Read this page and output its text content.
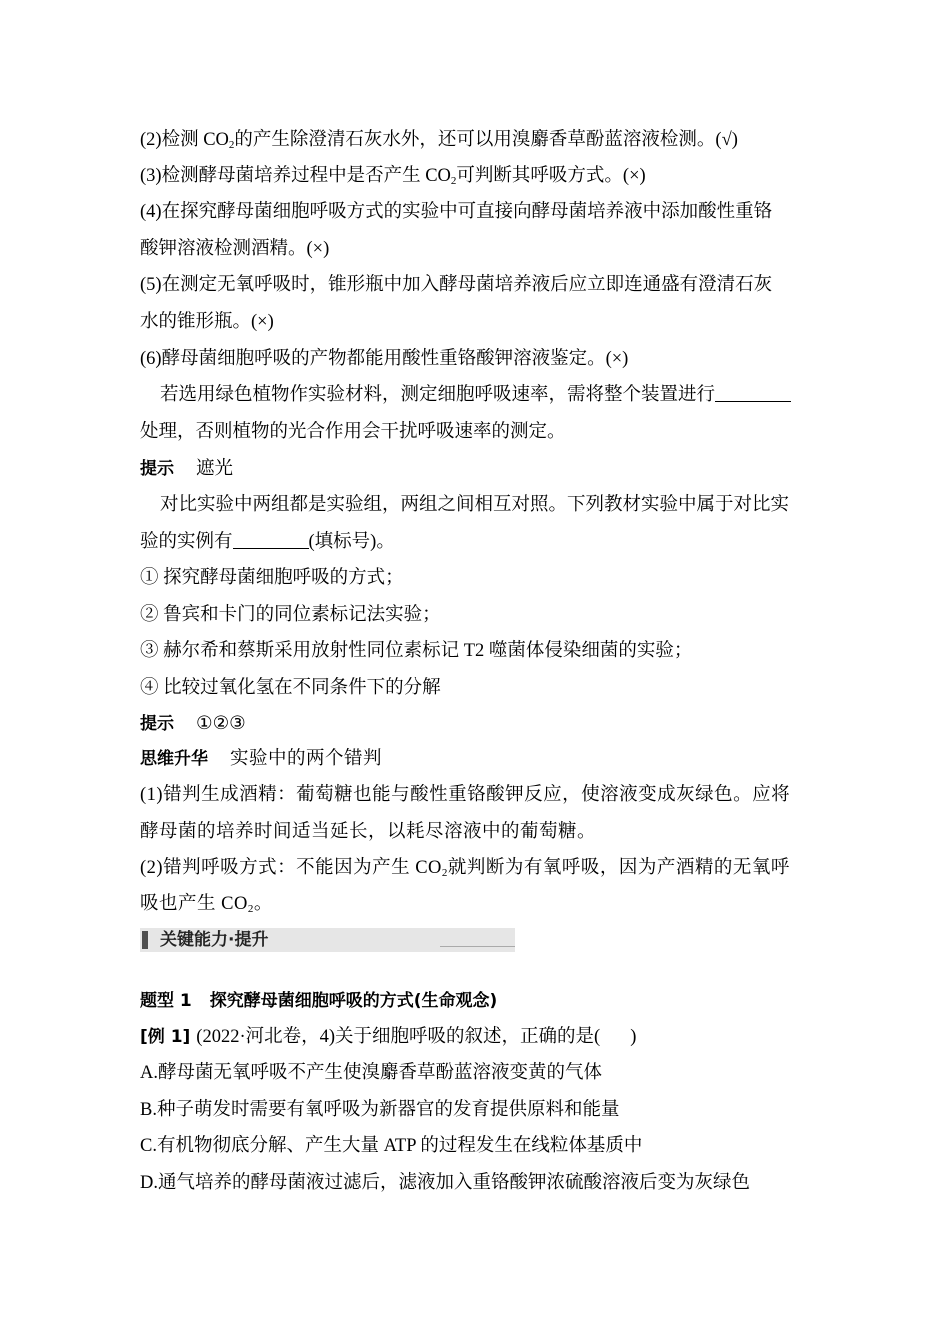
(2)检测 $CO_2$的产生除澄清石灰水外，还可以用溴麝香草酚蓝溶液检测。(√)
(3)检测酵母菌培养过程中是否产生 $CO_2$可判断其呼吸方式。(×)
(4)在探究酵母菌细胞呼吸方式的实验中可直接向酵母菌培养液中添加酸性重铬
酸钾溶液检测酒精。(×)
(5)在测定无氧呼吸时，锥形瓶中加入酵母菌培养液后应立即连通盛有澄清石灰
水的锥形瓶。(×)
(6)酵母菌细胞呼吸的产物都能用酸性重铬酸钾溶液鉴定。(×)
若选用绿色植物作实验材料，测定细胞呼吸速率，需将整个装置进行
处理，否则植物的光合作用会干扰呼吸速率的测定。
提示 遮光
对比实验中两组都是实验组，两组之间相互对照。下列教材实验中属于对比实
验的实例有	(填标号)。
① 探究酵母菌细胞呼吸的方式；
② 鲁宾和卡门的同位素标记法实验；
③ 赫尔希和蔡斯采用放射性同位素标记 T2 噬菌体侵染细菌的实验；
④ 比较过氧化氢在不同条件下的分解
提示 ①②③
思维升华 实验中的两个错判
(1)错判生成酒精：葡萄糖也能与酸性重铬酸钾反应，使溶液变成灰绿色。应将
酵母菌的培养时间适当延长，以耗尽溶液中的葡萄糖。
(2)错判呼吸方式：不能因为产生 $CO_2$就判断为有氧呼吸，因为产酒精的无氧呼
吸也产生 $CO_2$。
关键能力·提升
题型 1 探究酵母菌细胞呼吸的方式(生命观念)
[例 1] (2022·河北卷，4)关于细胞呼吸的叙述，正确的是( )
A.酵母菌无氧呼吸不产生使溴麝香草酚蓝溶液变黄的气体
B.种子萌发时需要有氧呼吸为新器官的发育提供原料和能量
C.有机物彻底分解、产生大量 ATP 的过程发生在线粒体基质中
D.通气培养的酵母菌液过滤后，滤液加入重铬酸钾浓硫酸溶液后变为灰绿色
